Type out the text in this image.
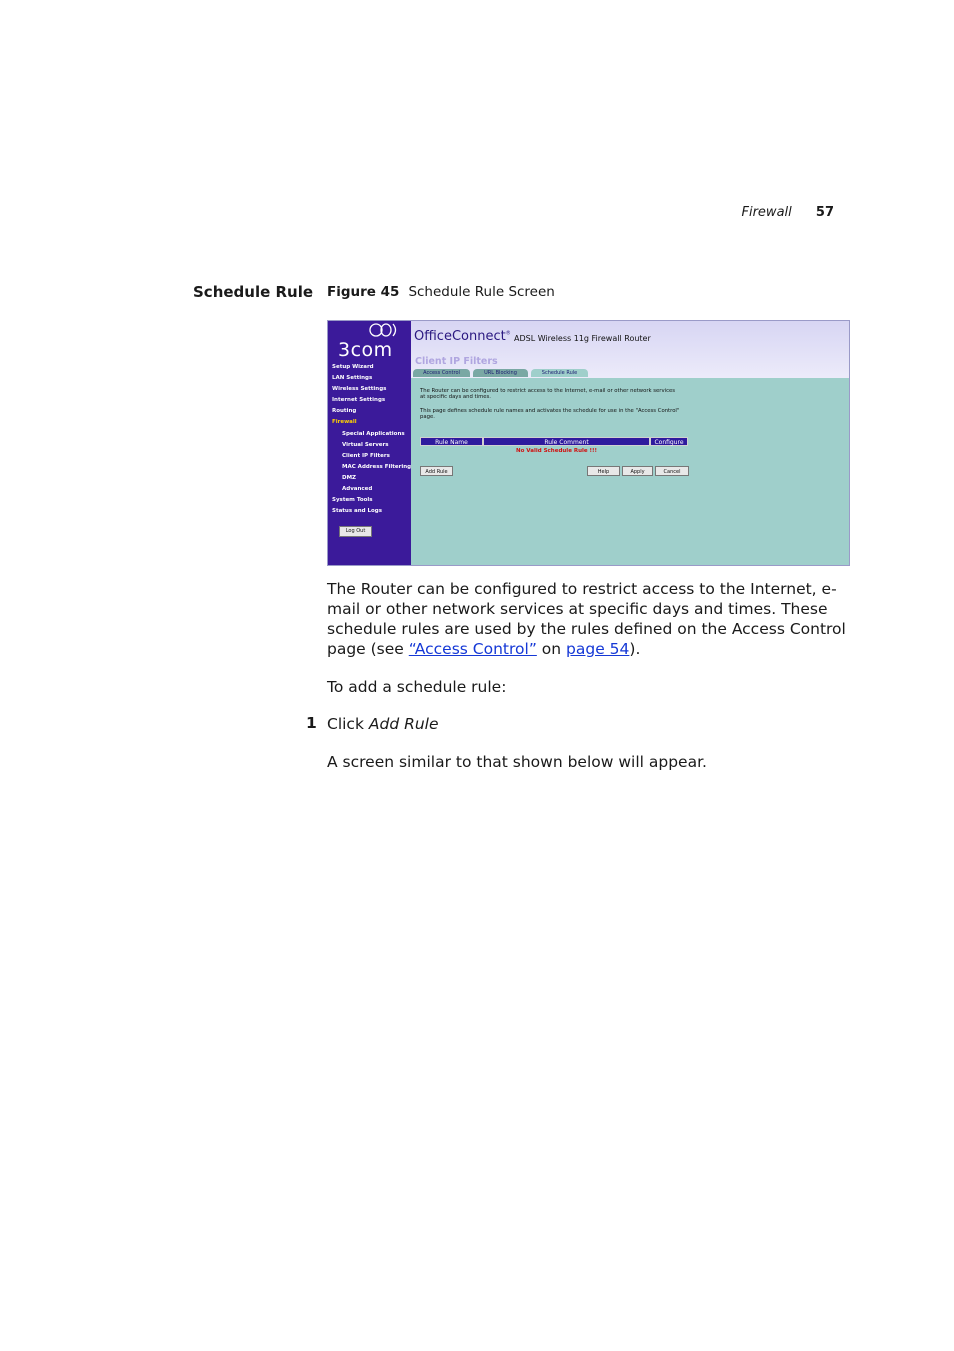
Firewall 57
Schedule Rule Figure 45 Schedule Rule Screen
3com
Setup Wizard
LAN Settings
Wireless Settings
Internet Settings
Routing
Firewall
Special Applications
Virtual Servers
Client IP Filters
MAC Address Filtering
DMZ
Advanced
System Tools
Status and Logs
Log Out
OfficeConnect®
ADSL Wireless 11g Firewall Router
Client IP Filters
Access Control	URL Blocking	Schedule Rule
The Router can be configured to restrict access to the Internet, e-mail or other network services at specific days and times.
This page defines schedule rule names and activates the schedule for use in the "Access Control" page.
Rule Name	Rule Comment	Configure
No Valid Schedule Rule !!!
Add Rule	Help	Apply	Cancel
The Router can be configured to restrict access to the Internet, e-mail or other network services at specific days and times. These schedule rules are used by the rules defined on the Access Control page (see “Access Control” on page 54).
To add a schedule rule:
1 Click Add Rule
A screen similar to that shown below will appear.
